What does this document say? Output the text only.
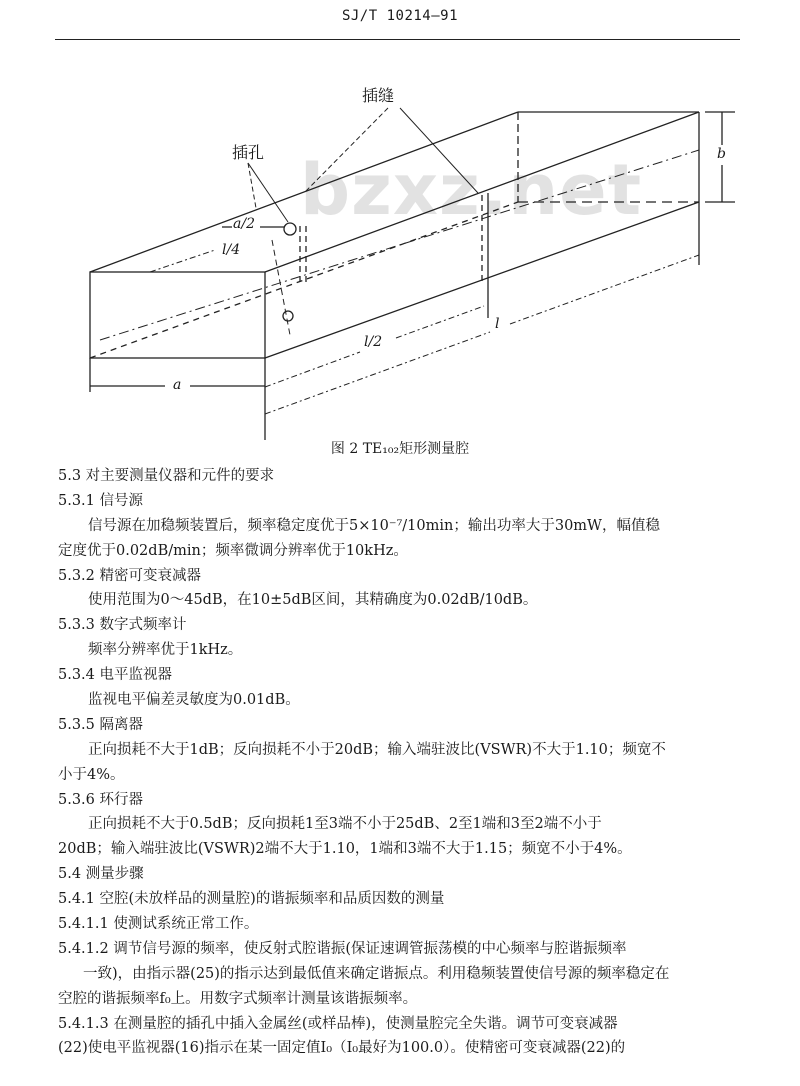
SJ/T 10214—91
bzxz.net
插缝
插孔
a/2
l/4
l/2
l
a
b
图 2 TE₁₀₂矩形测量腔
5.3 对主要测量仪器和元件的要求
5.3.1 信号源
信号源在加稳频装置后，频率稳定度优于5×10⁻⁷/10min；输出功率大于30mW，幅值稳
定度优于0.02dB/min；频率微调分辨率优于10kHz。
5.3.2 精密可变衰减器
使用范围为0～45dB，在10±5dB区间，其精确度为0.02dB/10dB。
5.3.3 数字式频率计
频率分辨率优于1kHz。
5.3.4 电平监视器
监视电平偏差灵敏度为0.01dB。
5.3.5 隔离器
正向损耗不大于1dB；反向损耗不小于20dB；输入端驻波比(VSWR)不大于1.10；频宽不
小于4%。
5.3.6 环行器
正向损耗不大于0.5dB；反向损耗1至3端不小于25dB、2至1端和3至2端不小于
20dB；输入端驻波比(VSWR)2端不大于1.10，1端和3端不大于1.15；频宽不小于4%。
5.4 测量步骤
5.4.1 空腔(未放样品的测量腔)的谐振频率和品质因数的测量
5.4.1.1 使测试系统正常工作。
5.4.1.2 调节信号源的频率，使反射式腔谐振(保证速调管振荡模的中心频率与腔谐振频率
一致)，由指示器(25)的指示达到最低值来确定谐振点。利用稳频装置使信号源的频率稳定在
空腔的谐振频率f₀上。用数字式频率计测量该谐振频率。
5.4.1.3 在测量腔的插孔中插入金属丝(或样品棒)，使测量腔完全失谐。调节可变衰减器
(22)使电平监视器(16)指示在某一固定值I₀（I₀最好为100.0）。使精密可变衰减器(22)的
